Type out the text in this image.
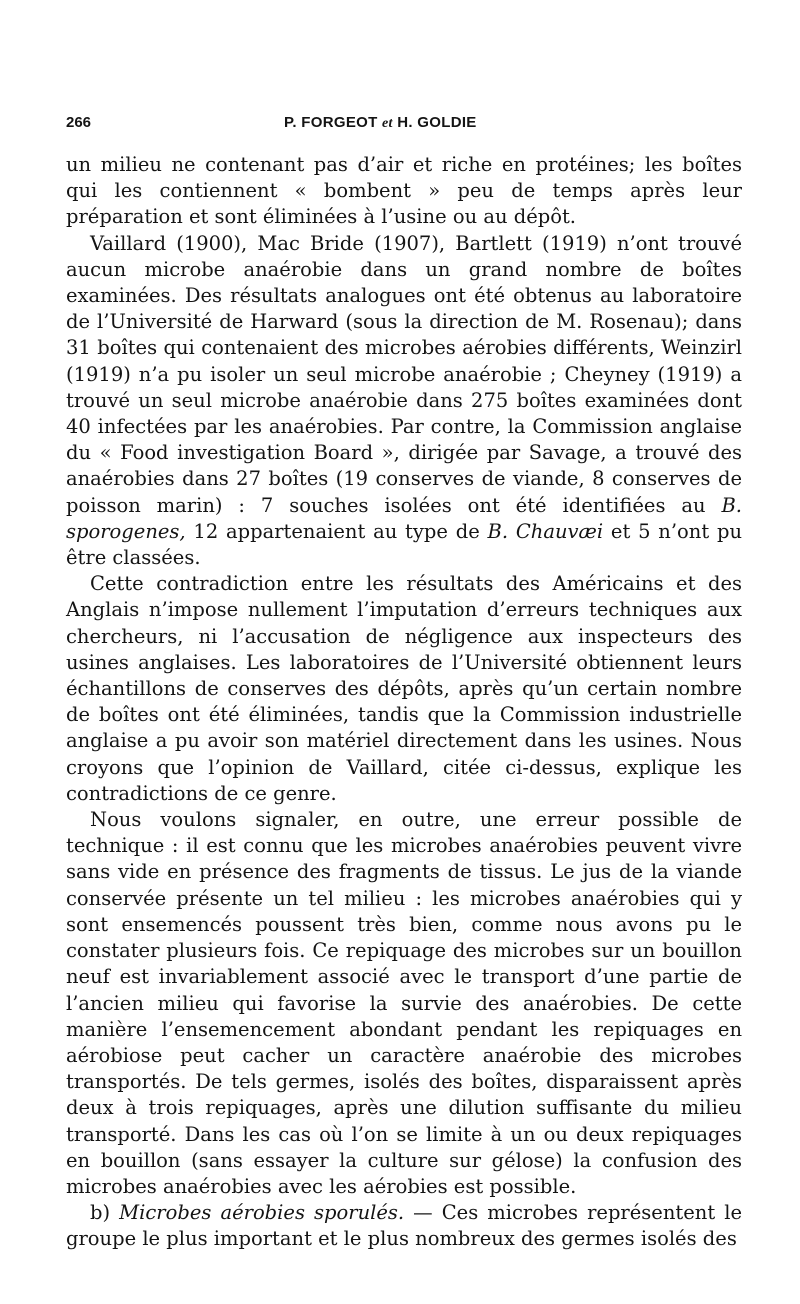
266	P. FORGEOT et H. GOLDIE

un milieu ne contenant pas d’air et riche en protéines; les boîtes qui les contiennent « bombent » peu de temps après leur préparation et sont éliminées à l’usine ou au dépôt.

Vaillard (1900), Mac Bride (1907), Bartlett (1919) n’ont trouvé aucun microbe anaérobie dans un grand nombre de boîtes examinées. Des résultats analogues ont été obtenus au laboratoire de l’Université de Harward (sous la direction de M. Rosenau); dans 31 boîtes qui contenaient des microbes aérobies différents, Weinzirl (1919) n’a pu isoler un seul microbe anaérobie ; Cheyney (1919) a trouvé un seul microbe anaérobie dans 275 boîtes examinées dont 40 infectées par les anaérobies. Par contre, la Commission anglaise du « Food investigation Board », dirigée par Savage, a trouvé des anaérobies dans 27 boîtes (19 conserves de viande, 8 conserves de poisson marin) : 7 souches isolées ont été identifiées au B. sporogenes, 12 appartenaient au type de B. Chauvæi et 5 n’ont pu être classées.

Cette contradiction entre les résultats des Américains et des Anglais n’impose nullement l’imputation d’erreurs techniques aux chercheurs, ni l’accusation de négligence aux inspecteurs des usines anglaises. Les laboratoires de l’Université obtiennent leurs échantillons de conserves des dépôts, après qu’un certain nombre de boîtes ont été éliminées, tandis que la Commission industrielle anglaise a pu avoir son matériel directement dans les usines. Nous croyons que l’opinion de Vaillard, citée ci-dessus, explique les contradictions de ce genre.

Nous voulons signaler, en outre, une erreur possible de technique : il est connu que les microbes anaérobies peuvent vivre sans vide en présence des fragments de tissus. Le jus de la viande conservée présente un tel milieu : les microbes anaérobies qui y sont ensemencés poussent très bien, comme nous avons pu le constater plusieurs fois. Ce repiquage des microbes sur un bouillon neuf est invariablement associé avec le transport d’une partie de l’ancien milieu qui favorise la survie des anaérobies. De cette manière l’ensemencement abondant pendant les repiquages en aérobiose peut cacher un caractère anaérobie des microbes transportés. De tels germes, isolés des boîtes, disparaissent après deux à trois repiquages, après une dilution suffisante du milieu transporté. Dans les cas où l’on se limite à un ou deux repiquages en bouillon (sans essayer la culture sur gélose) la confusion des microbes anaérobies avec les aérobies est possible.

b) Microbes aérobies sporulés. — Ces microbes représentent le groupe le plus important et le plus nombreux des germes isolés des
